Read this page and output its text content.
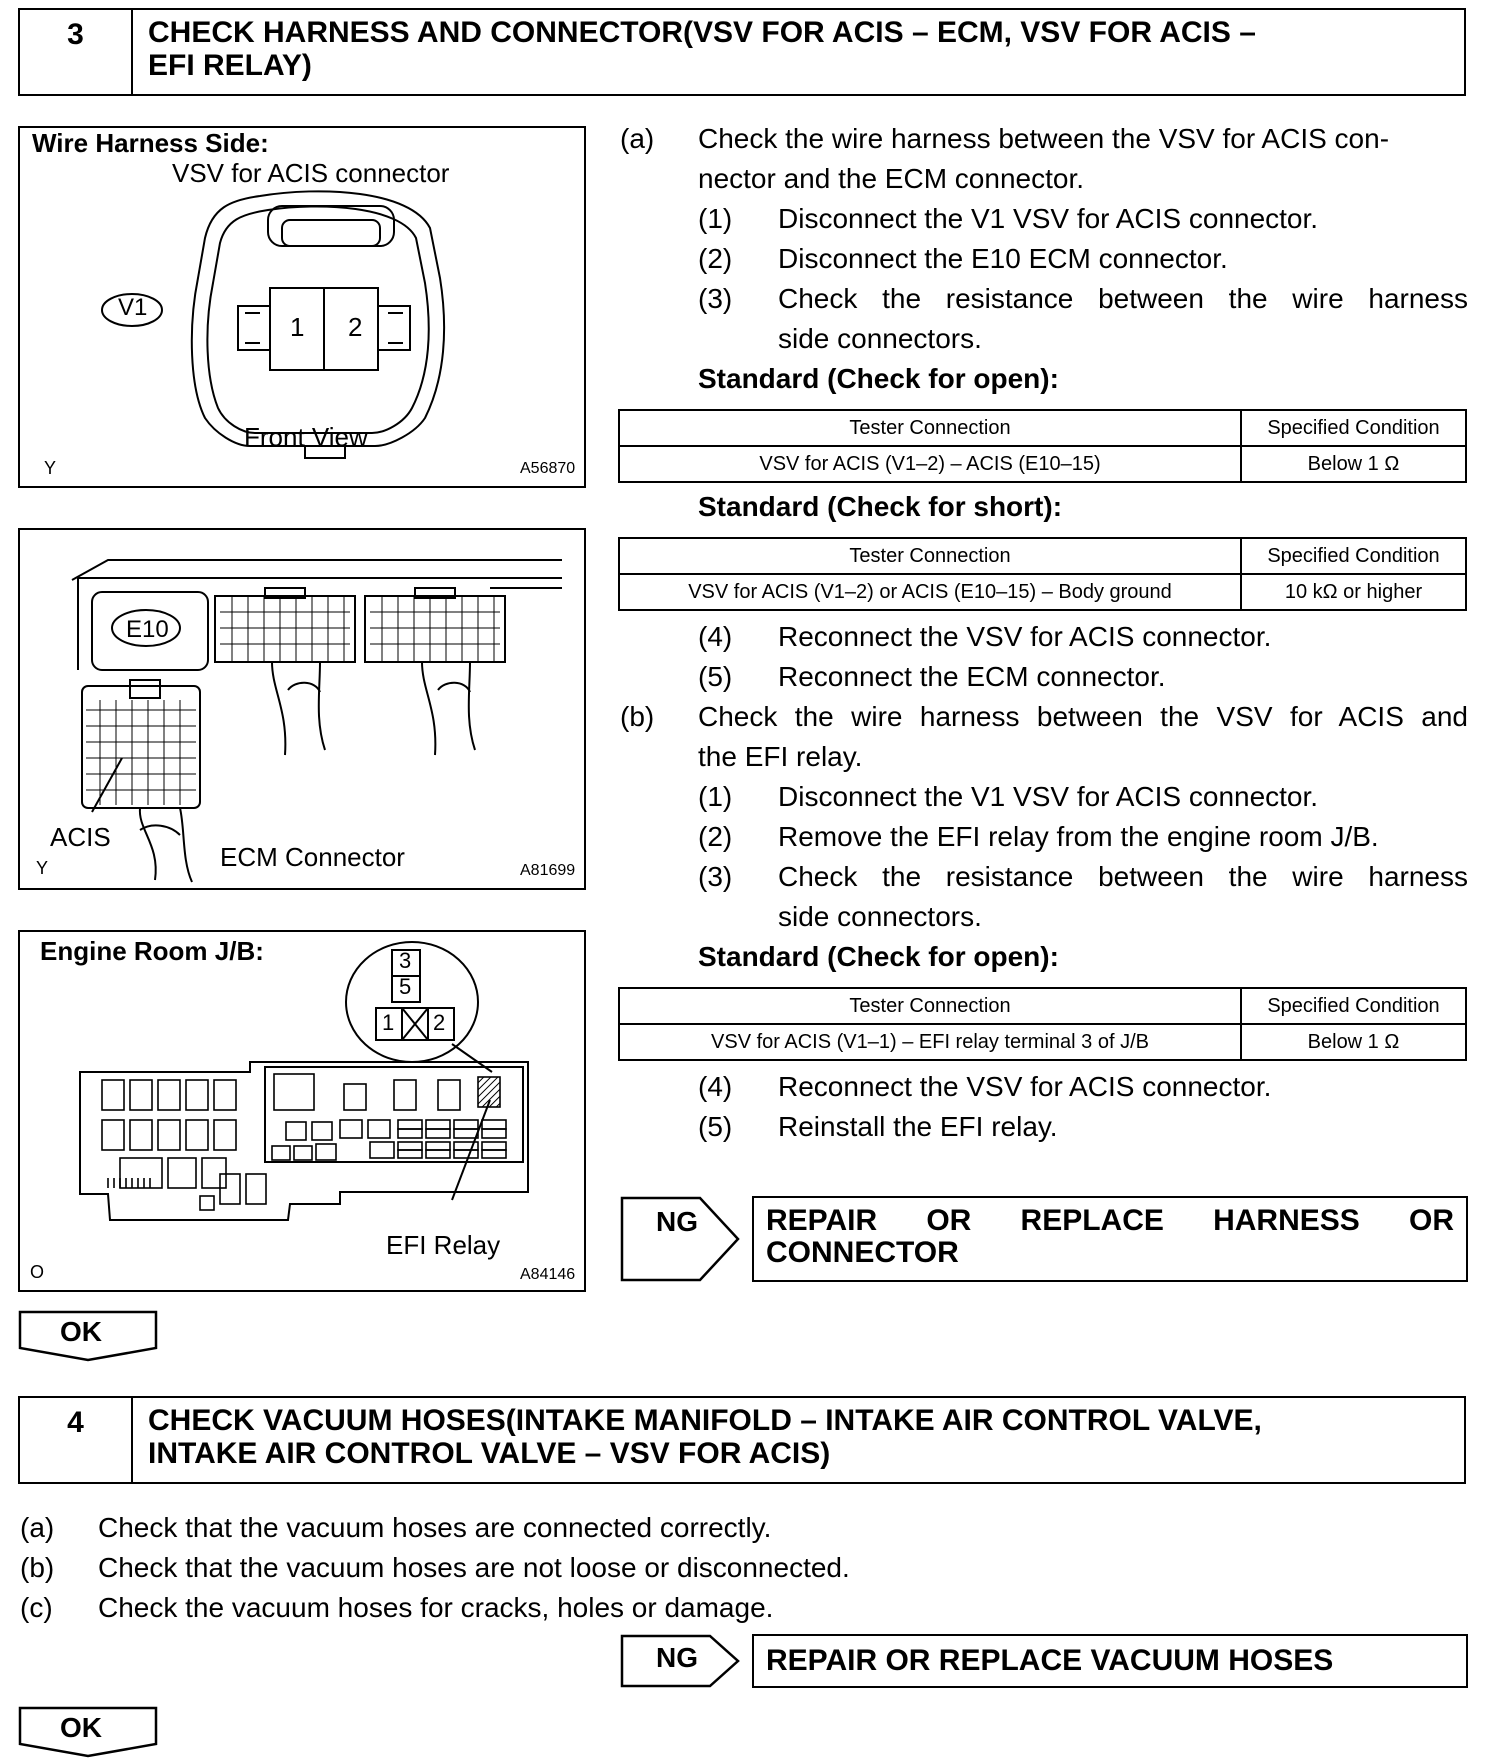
3	CHECK HARNESS AND CONNECTOR(VSV FOR ACIS – ECM, VSV FOR ACIS –
EFI RELAY)
Wire Harness Side:
VSV for ACIS connector
V1
1 2
Front View
Y	A56870
E10
ACIS
ECM Connector
Y	A81699
Engine Room J/B:	3
5
1 2
EFI Relay
O	A84146
(a) Check the wire harness between the VSV for ACIS con-
nector and the ECM connector.
(1) Disconnect the V1 VSV for ACIS connector.
(2) Disconnect the E10 ECM connector.
(3) Check the resistance between the wire harness
side connectors.
Standard (Check for open):
Tester Connection	Specified Condition
VSV for ACIS (V1–2) – ACIS (E10–15)	Below 1 Ω
Standard (Check for short):
Tester Connection	Specified Condition
VSV for ACIS (V1–2) or ACIS (E10–15) – Body ground	10 kΩ or higher
(4) Reconnect the VSV for ACIS connector.
(5) Reconnect the ECM connector.
(b) Check the wire harness between the VSV for ACIS and
the EFI relay.
(1) Disconnect the V1 VSV for ACIS connector.
(2) Remove the EFI relay from the engine room J/B.
(3) Check the resistance between the wire harness
side connectors.
Standard (Check for open):
Tester Connection	Specified Condition
VSV for ACIS (V1–1) – EFI relay terminal 3 of J/B	Below 1 Ω
(4) Reconnect the VSV for ACIS connector.
(5) Reinstall the EFI relay.
NG REPAIR OR REPLACE HARNESS OR
CONNECTOR
OK
4	CHECK VACUUM HOSES(INTAKE MANIFOLD – INTAKE AIR CONTROL VALVE,
INTAKE AIR CONTROL VALVE – VSV FOR ACIS)
(a) Check that the vacuum hoses are connected correctly.
(b) Check that the vacuum hoses are not loose or disconnected.
(c) Check the vacuum hoses for cracks, holes or damage.
NG REPAIR OR REPLACE VACUUM HOSES
OK
